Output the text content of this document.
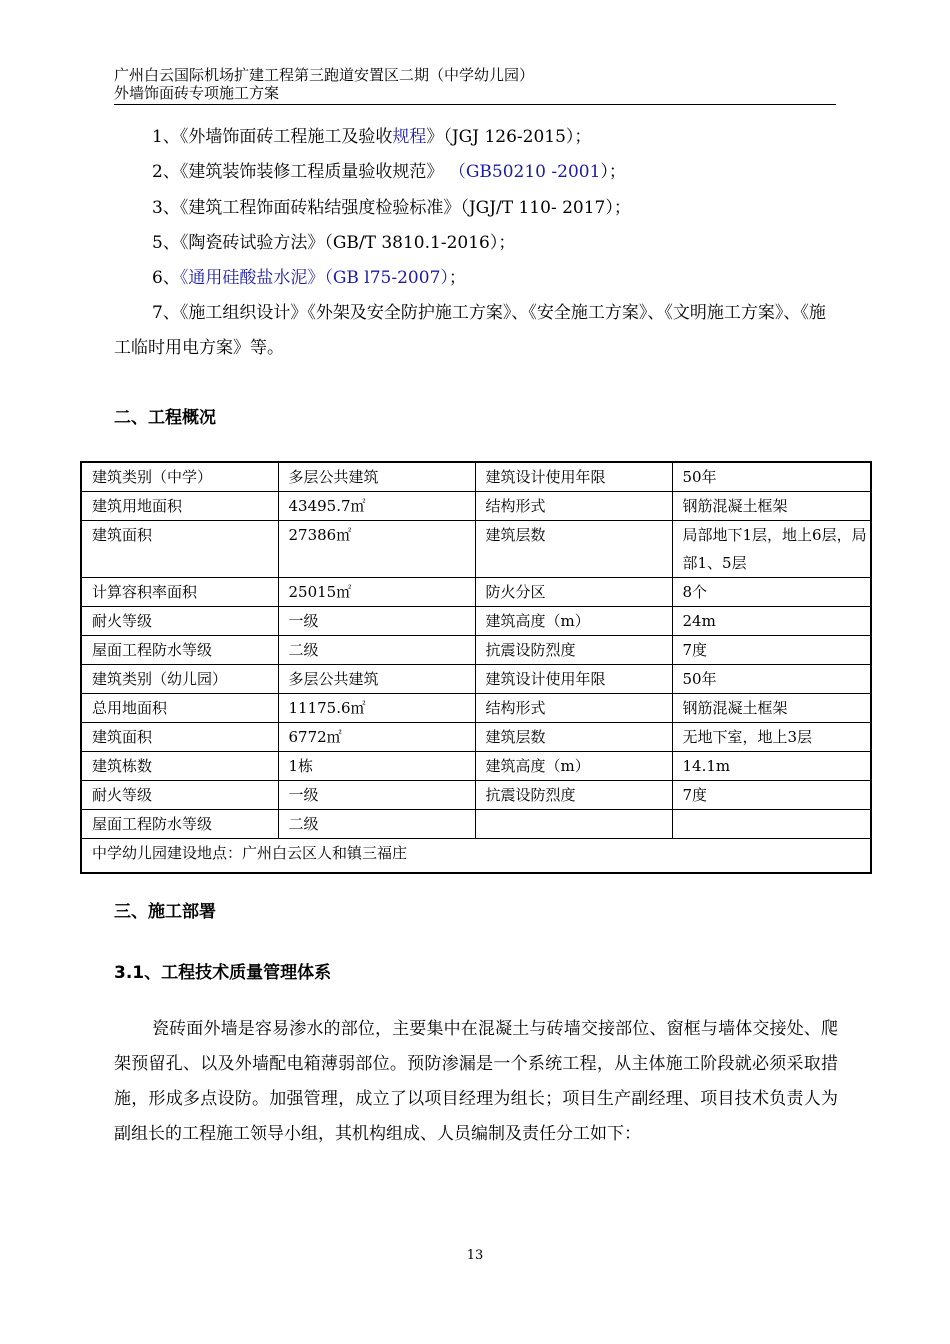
广州白云国际机场扩建工程第三跑道安置区二期（中学幼儿园）
外墙饰面砖专项施工方案
1、《外墙饰面砖工程施工及验收规程》（JGJ 126-2015）；
2、《建筑装饰装修工程质量验收规范》 （GB50210 -2001）；
3、《建筑工程饰面砖粘结强度检验标准》（JGJ/T 110- 2017）；
5、《陶瓷砖试验方法》（GB/T 3810.1-2016）；
6、《通用硅酸盐水泥》（GB l75-2007）；
7、《施工组织设计》《外架及安全防护施工方案》、《安全施工方案》、《文明施工方案》、《施工临时用电方案》等。
二、工程概况
建筑类别（中学）	多层公共建筑	建筑设计使用年限	50年
建筑用地面积	43495.7㎡	结构形式	钢筋混凝土框架
建筑面积	27386㎡	建筑层数	局部地下1层，地上6层，局部1、5层
计算容积率面积	25015㎡	防火分区	8个
耐火等级	一级	建筑高度（m）	24m
屋面工程防水等级	二级	抗震设防烈度	7度
建筑类别（幼儿园）	多层公共建筑	建筑设计使用年限	50年
总用地面积	11175.6㎡	结构形式	钢筋混凝土框架
建筑面积	6772㎡	建筑层数	无地下室，地上3层
建筑栋数	1栋	建筑高度（m）	14.1m
耐火等级	一级	抗震设防烈度	7度
屋面工程防水等级	二级		
中学幼儿园建设地点：广州白云区人和镇三福庄			
三、施工部署
3.1、工程技术质量管理体系
瓷砖面外墙是容易渗水的部位，主要集中在混凝土与砖墙交接部位、窗框与墙体交接处、爬架预留孔、以及外墙配电箱薄弱部位。预防渗漏是一个系统工程，从主体施工阶段就必须采取措施，形成多点设防。加强管理，成立了以项目经理为组长；项目生产副经理、项目技术负责人为副组长的工程施工领导小组，其机构组成、人员编制及责任分工如下：
13
